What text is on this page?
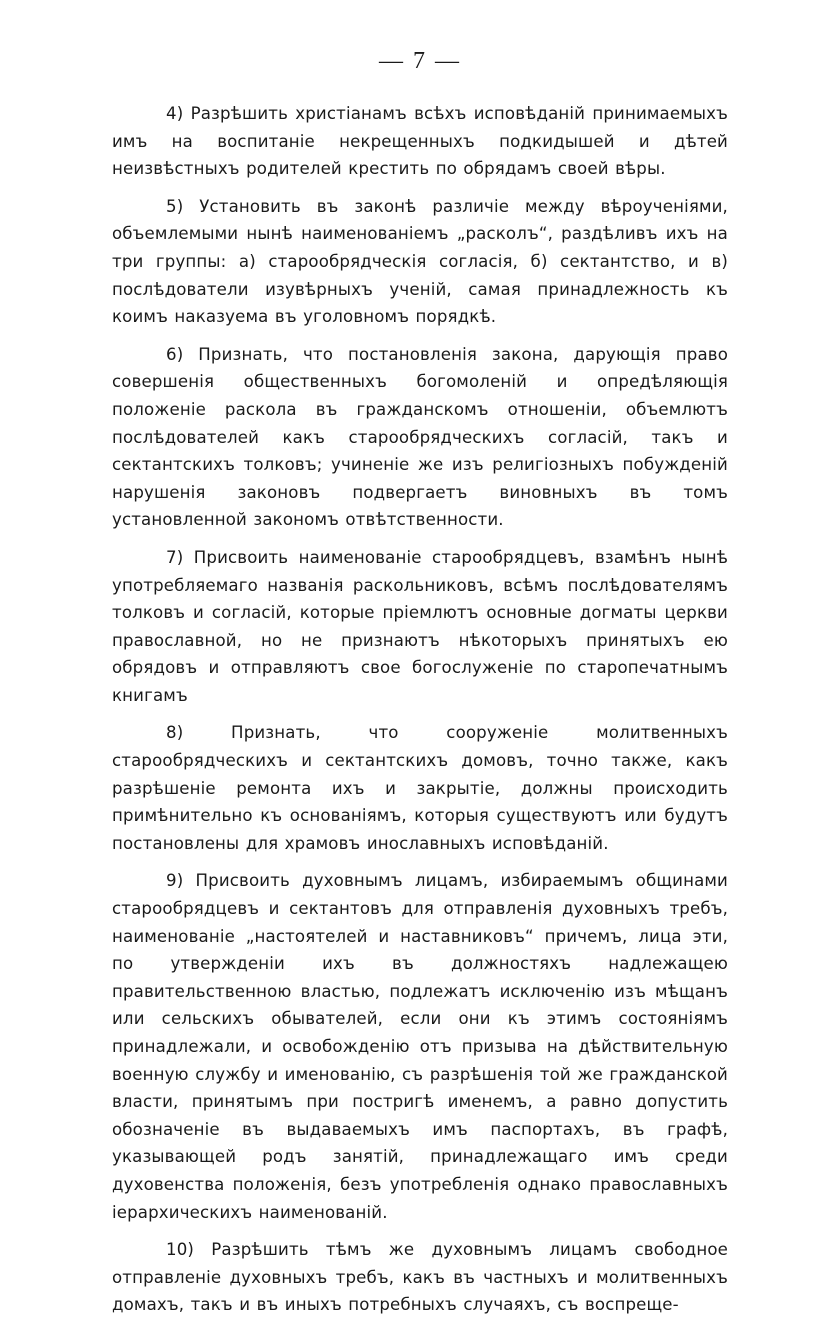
— 7 —

4) Разрѣшить христіанамъ всѣхъ исповѣданій принимаемыхъ имъ на воспитаніе некрещенныхъ подкидышей и дѣтей неизвѣстныхъ родителей крестить по обрядамъ своей вѣры.

5) Установить въ законѣ различіе между вѣроученіями, объемлемыми нынѣ наименованіемъ „расколъ“, раздѣливъ ихъ на три группы: а) старообрядческія согласія, б) сектантство, и в) послѣдователи изувѣрныхъ ученій, самая принадлежность къ коимъ наказуема въ уголовномъ порядкѣ.

6) Признать, что постановленія закона, дарующія право совершенія общественныхъ богомоленій и опредѣляющія положеніе раскола въ гражданскомъ отношеніи, объемлютъ послѣдователей какъ старообрядческихъ согласій, такъ и сектантскихъ толковъ; учиненіе же изъ религіозныхъ побужденій нарушенія законовъ подвергаетъ виновныхъ въ томъ установленной закономъ отвѣтственности.

7) Присвоить наименованіе старообрядцевъ, взамѣнъ нынѣ употребляемаго названія раскольниковъ, всѣмъ послѣдователямъ толковъ и согласій, которые пріемлютъ основные догматы церкви православной, но не признаютъ нѣкоторыхъ принятыхъ ею обрядовъ и отправляютъ свое богослуженіе по старопечатнымъ книгамъ

8) Признать, что сооруженіе молитвенныхъ старообрядческихъ и сектантскихъ домовъ, точно также, какъ разрѣшеніе ремонта ихъ и закрытіе, должны происходить примѣнительно къ основаніямъ, которыя существуютъ или будутъ постановлены для храмовъ инославныхъ исповѣданій.

9) Присвоить духовнымъ лицамъ, избираемымъ общинами старообрядцевъ и сектантовъ для отправленія духовныхъ требъ, наименованіе „настоятелей и наставниковъ“ причемъ, лица эти, по утвержденіи ихъ въ должностяхъ надлежащею правительственною властью, подлежатъ исключенію изъ мѣщанъ или сельскихъ обывателей, если они къ этимъ состояніямъ принадлежали, и освобожденію отъ призыва на дѣйствительную военную службу и именованію, съ разрѣшенія той же гражданской власти, принятымъ при постригѣ именемъ, а равно допустить обозначеніе въ выдаваемыхъ имъ паспортахъ, въ графѣ, указывающей родъ занятій, принадлежащаго имъ среди духовенства положенія, безъ употребленія однако православныхъ іерархическихъ наименованій.

10) Разрѣшить тѣмъ же духовнымъ лицамъ свободное отправленіе духовныхъ требъ, какъ въ частныхъ и молитвенныхъ домахъ, такъ и въ иныхъ потребныхъ случаяхъ, съ воспреще-
